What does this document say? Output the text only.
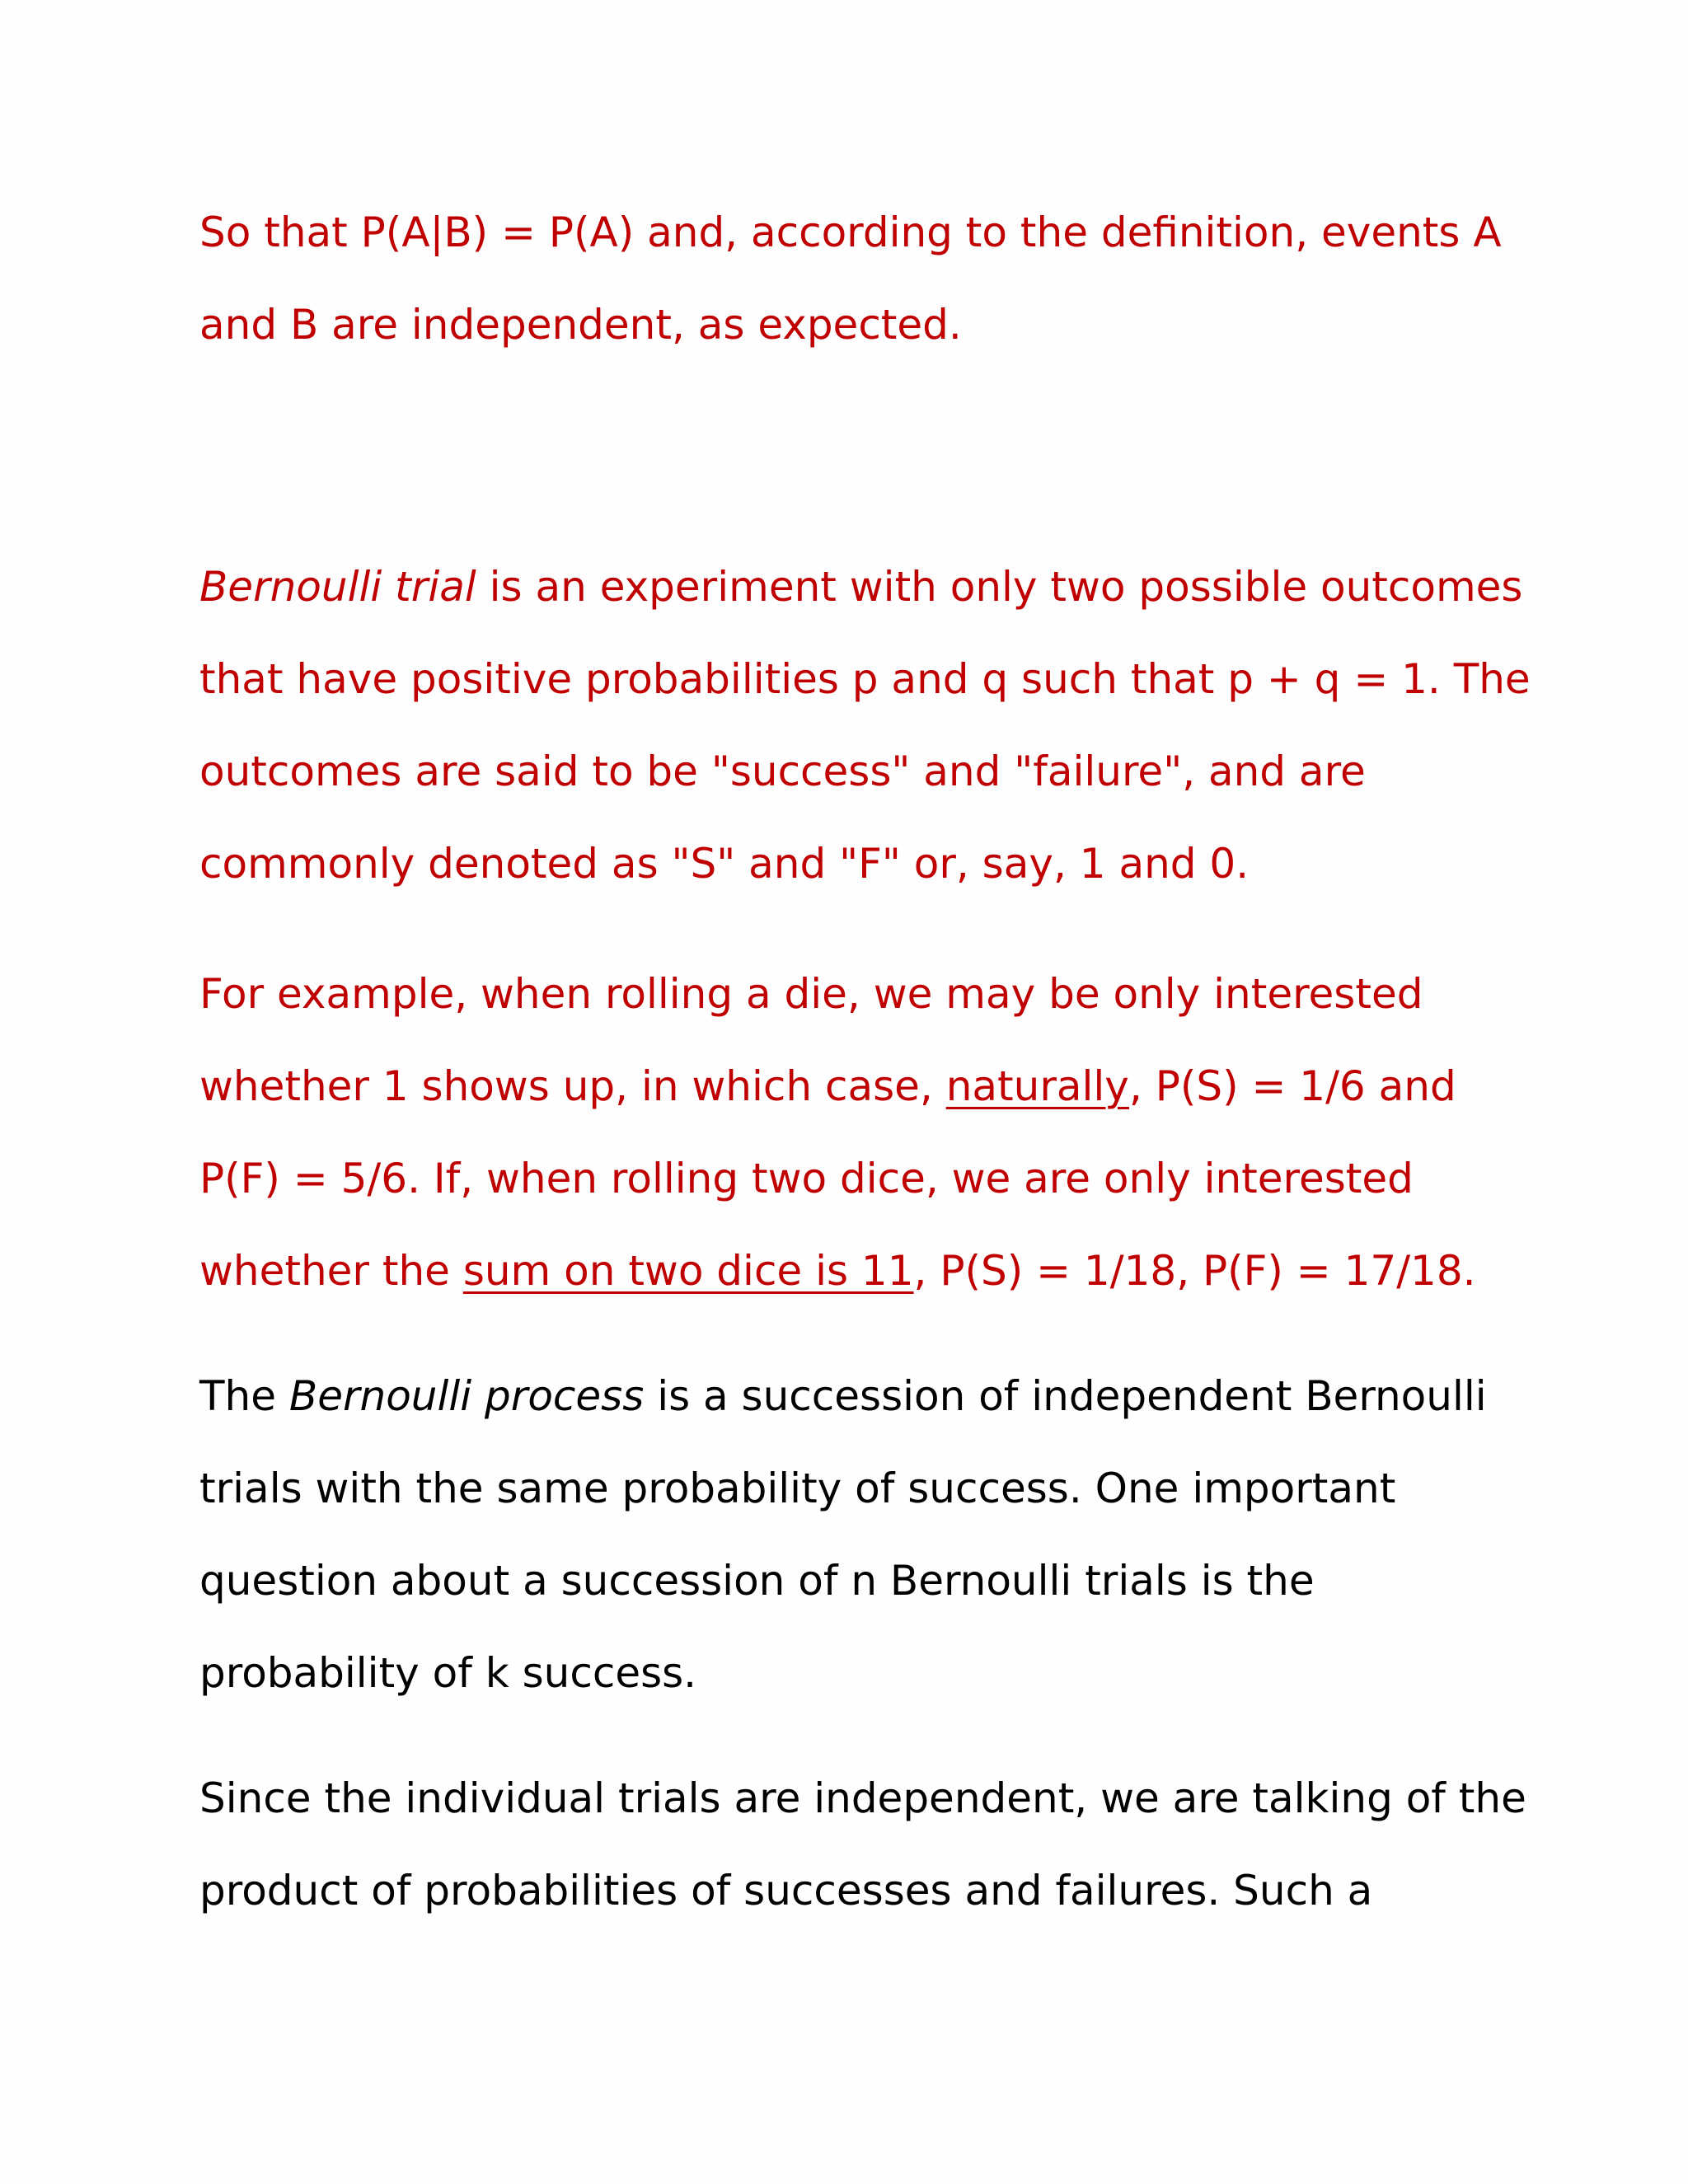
So that P(A|B) = P(A) and, according to the definition, events A
and B are independent, as expected.
Bernoulli trial is an experiment with only two possible outcomes
that have positive probabilities p and q such that p + q = 1. The
outcomes are said to be "success" and "failure", and are
commonly denoted as "S" and "F" or, say, 1 and 0.
For example, when rolling a die, we may be only interested
whether 1 shows up, in which case, naturally, P(S) = 1/6 and
P(F) = 5/6. If, when rolling two dice, we are only interested
whether the sum on two dice is 11, P(S) = 1/18, P(F) = 17/18.
The Bernoulli process is a succession of independent Bernoulli
trials with the same probability of success. One important
question about a succession of n Bernoulli trials is the
probability of k success.
Since the individual trials are independent, we are talking of the
product of probabilities of successes and failures. Such a
